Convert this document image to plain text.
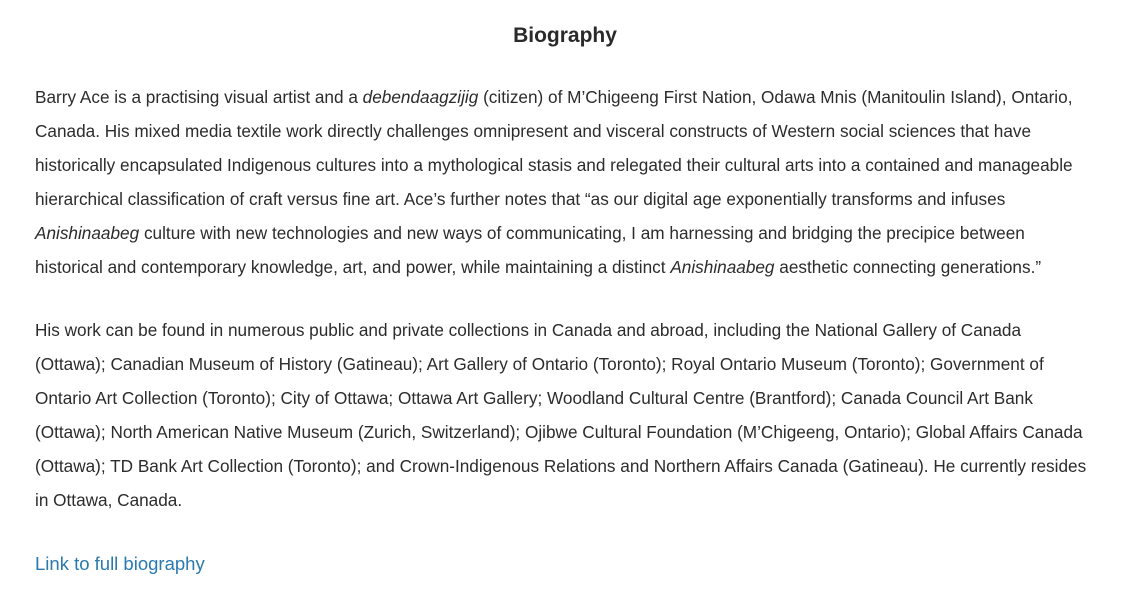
Biography

Barry Ace is a practising visual artist and a debendaagzijig (citizen) of M’Chigeeng First Nation, Odawa Mnis (Manitoulin Island), Ontario, Canada. His mixed media textile work directly challenges omnipresent and visceral constructs of Western social sciences that have historically encapsulated Indigenous cultures into a mythological stasis and relegated their cultural arts into a contained and manageable hierarchical classification of craft versus fine art. Ace’s further notes that “as our digital age exponentially transforms and infuses Anishinaabeg culture with new technologies and new ways of communicating, I am harnessing and bridging the precipice between historical and contemporary knowledge, art, and power, while maintaining a distinct Anishinaabeg aesthetic connecting generations.”

His work can be found in numerous public and private collections in Canada and abroad, including the National Gallery of Canada (Ottawa); Canadian Museum of History (Gatineau); Art Gallery of Ontario (Toronto); Royal Ontario Museum (Toronto); Government of Ontario Art Collection (Toronto); City of Ottawa; Ottawa Art Gallery; Woodland Cultural Centre (Brantford); Canada Council Art Bank (Ottawa); North American Native Museum (Zurich, Switzerland); Ojibwe Cultural Foundation (M’Chigeeng, Ontario); Global Affairs Canada (Ottawa); TD Bank Art Collection (Toronto); and Crown-Indigenous Relations and Northern Affairs Canada (Gatineau). He currently resides in Ottawa, Canada.

Link to full biography
